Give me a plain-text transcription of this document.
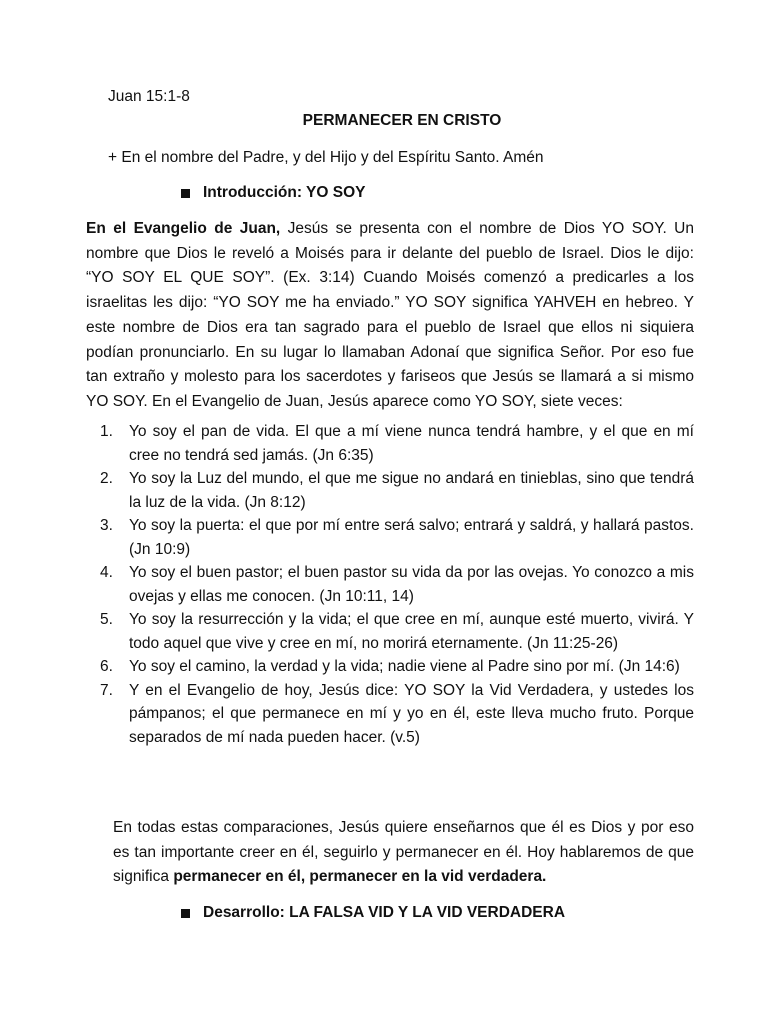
Juan 15:1-8
PERMANECER EN CRISTO
+ En el nombre del Padre, y del Hijo y del Espíritu Santo. Amén
Introducción: YO SOY
En el Evangelio de Juan, Jesús se presenta con el nombre de Dios YO SOY. Un nombre que Dios le reveló a Moisés para ir delante del pueblo de Israel. Dios le dijo: “YO SOY EL QUE SOY”. (Ex. 3:14) Cuando Moisés comenzó a predicarles a los israelitas les dijo: “YO SOY me ha enviado.” YO SOY significa YAHVEH en hebreo. Y este nombre de Dios era tan sagrado para el pueblo de Israel que ellos ni siquiera podían pronunciarlo. En su lugar lo llamaban Adonaí que significa Señor. Por eso fue tan extraño y molesto para los sacerdotes y fariseos que Jesús se llamará a si mismo YO SOY. En el Evangelio de Juan, Jesús aparece como YO SOY, siete veces:
1.	Yo soy el pan de vida. El que a mí viene nunca tendrá hambre, y el que en mí cree no tendrá sed jamás. (Jn 6:35)
2.	Yo soy la Luz del mundo, el que me sigue no andará en tinieblas, sino que tendrá la luz de la vida. (Jn 8:12)
3.	Yo soy la puerta: el que por mí entre será salvo; entrará y saldrá, y hallará pastos. (Jn 10:9)
4.	Yo soy el buen pastor; el buen pastor su vida da por las ovejas. Yo conozco a mis ovejas y ellas me conocen. (Jn 10:11, 14)
5.	Yo soy la resurrección y la vida; el que cree en mí, aunque esté muerto, vivirá. Y todo aquel que vive y cree en mí, no morirá eternamente. (Jn 11:25-26)
6.	Yo soy el camino, la verdad y la vida; nadie viene al Padre sino por mí. (Jn 14:6)
7.	Y en el Evangelio de hoy, Jesús dice: YO SOY la Vid Verdadera, y ustedes los pámpanos; el que permanece en mí y yo en él, este lleva mucho fruto. Porque separados de mí nada pueden hacer. (v.5)
En todas estas comparaciones, Jesús quiere enseñarnos que él es Dios y por eso es tan importante creer en él, seguirlo y permanecer en él. Hoy hablaremos de que significa permanecer en él, permanecer en la vid verdadera.
Desarrollo: LA FALSA VID Y LA VID VERDADERA
